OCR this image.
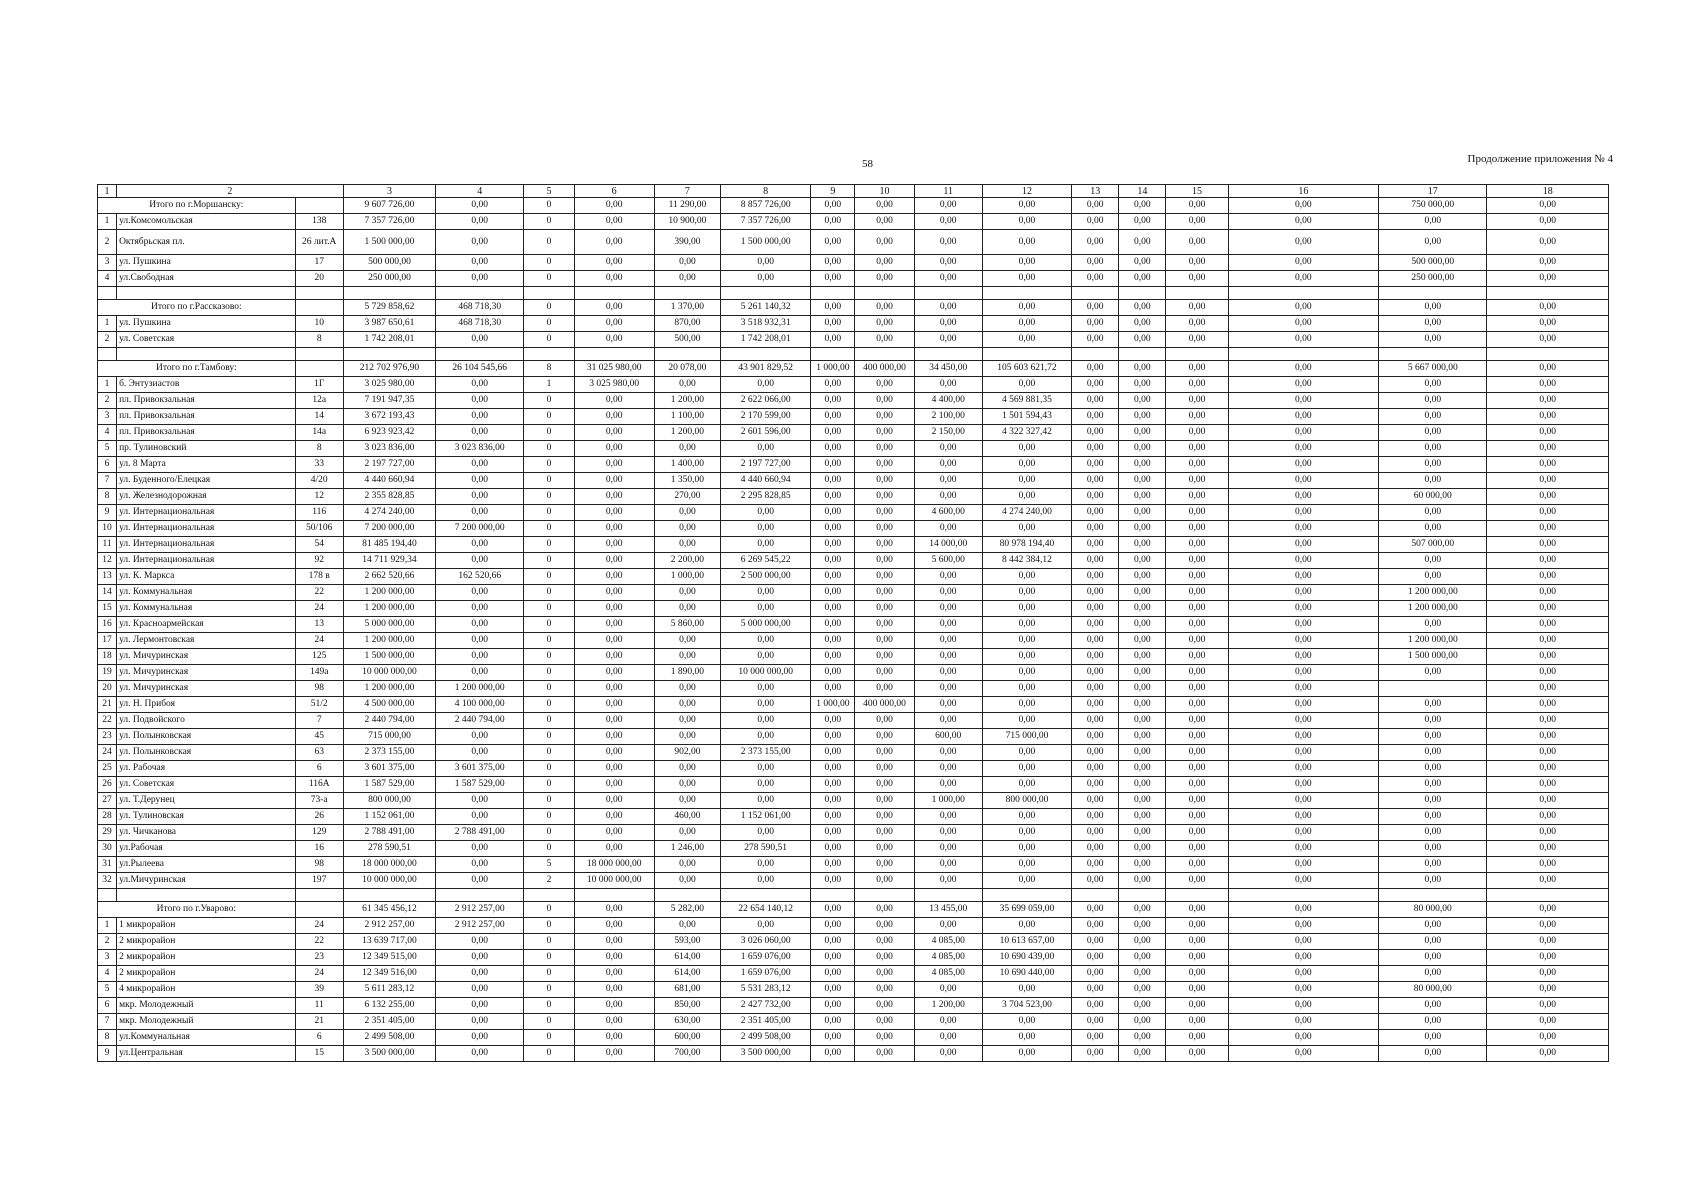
58	Продолжение приложения № 4
1	2		3	4	5	6	7	8	9	10	11	12	13	14	15	16	17	18
Итого по г.Моршанску:			9 607 726,00	0,00	0	0,00	11 290,00	8 857 726,00	0,00	0,00	0,00	0,00	0,00	0,00	0,00	0,00	750 000,00	0,00
1	ул.Комсомольская	138	7 357 726,00	0,00	0	0,00	10 900,00	7 357 726,00	0,00	0,00	0,00	0,00	0,00	0,00	0,00	0,00	0,00	0,00
2	Октябрьская пл.	26 лит.А	1 500 000,00	0,00	0	0,00	390,00	1 500 000,00	0,00	0,00	0,00	0,00	0,00	0,00	0,00	0,00	0,00	0,00
3	ул. Пушкина	17	500 000,00	0,00	0	0,00	0,00	0,00	0,00	0,00	0,00	0,00	0,00	0,00	0,00	0,00	500 000,00	0,00
4	ул.Свободная	20	250 000,00	0,00	0	0,00	0,00	0,00	0,00	0,00	0,00	0,00	0,00	0,00	0,00	0,00	250 000,00	0,00

Итого по г.Рассказово:			5 729 858,62	468 718,30	0	0,00	1 370,00	5 261 140,32	0,00	0,00	0,00	0,00	0,00	0,00	0,00	0,00	0,00	0,00
1	ул. Пушкина	10	3 987 650,61	468 718,30	0	0,00	870,00	3 518 932,31	0,00	0,00	0,00	0,00	0,00	0,00	0,00	0,00	0,00	0,00
2	ул. Советская	8	1 742 208,01	0,00	0	0,00	500,00	1 742 208,01	0,00	0,00	0,00	0,00	0,00	0,00	0,00	0,00	0,00	0,00

Итого по г.Тамбову:			212 702 976,90	26 104 545,66	8	31 025 980,00	20 078,00	43 901 829,52	1 000,00	400 000,00	34 450,00	105 603 621,72	0,00	0,00	0,00	0,00	5 667 000,00	0,00
1	б. Энтузиастов	1Г	3 025 980,00	0,00	1	3 025 980,00	0,00	0,00	0,00	0,00	0,00	0,00	0,00	0,00	0,00	0,00	0,00	0,00
2	пл. Привокзальная	12а	7 191 947,35	0,00	0	0,00	1 200,00	2 622 066,00	0,00	0,00	4 400,00	4 569 881,35	0,00	0,00	0,00	0,00	0,00	0,00
3	пл. Привокзальная	14	3 672 193,43	0,00	0	0,00	1 100,00	2 170 599,00	0,00	0,00	2 100,00	1 501 594,43	0,00	0,00	0,00	0,00	0,00	0,00
4	пл. Привокзальная	14а	6 923 923,42	0,00	0	0,00	1 200,00	2 601 596,00	0,00	0,00	2 150,00	4 322 327,42	0,00	0,00	0,00	0,00	0,00	0,00
5	пр. Тулиновский	8	3 023 836,00	3 023 836,00	0	0,00	0,00	0,00	0,00	0,00	0,00	0,00	0,00	0,00	0,00	0,00	0,00	0,00
6	ул. 8 Марта	33	2 197 727,00	0,00	0	0,00	1 400,00	2 197 727,00	0,00	0,00	0,00	0,00	0,00	0,00	0,00	0,00	0,00	0,00
7	ул. Буденного/Елецкая	4/20	4 440 660,94	0,00	0	0,00	1 350,00	4 440 660,94	0,00	0,00	0,00	0,00	0,00	0,00	0,00	0,00	0,00	0,00
8	ул. Железнодорожная	12	2 355 828,85	0,00	0	0,00	270,00	2 295 828,85	0,00	0,00	0,00	0,00	0,00	0,00	0,00	0,00	60 000,00	0,00
9	ул. Интернациональная	116	4 274 240,00	0,00	0	0,00	0,00	0,00	0,00	0,00	4 600,00	4 274 240,00	0,00	0,00	0,00	0,00	0,00	0,00
10	ул. Интернациональная	50/106	7 200 000,00	7 200 000,00	0	0,00	0,00	0,00	0,00	0,00	0,00	0,00	0,00	0,00	0,00	0,00	0,00	0,00
11	ул. Интернациональная	54	81 485 194,40	0,00	0	0,00	0,00	0,00	0,00	0,00	14 000,00	80 978 194,40	0,00	0,00	0,00	0,00	507 000,00	0,00
12	ул. Интернациональная	92	14 711 929,34	0,00	0	0,00	2 200,00	6 269 545,22	0,00	0,00	5 600,00	8 442 384,12	0,00	0,00	0,00	0,00	0,00	0,00
13	ул. К. Маркса	178 в	2 662 520,66	162 520,66	0	0,00	1 000,00	2 500 000,00	0,00	0,00	0,00	0,00	0,00	0,00	0,00	0,00	0,00	0,00
14	ул. Коммунальная	22	1 200 000,00	0,00	0	0,00	0,00	0,00	0,00	0,00	0,00	0,00	0,00	0,00	0,00	0,00	1 200 000,00	0,00
15	ул. Коммунальная	24	1 200 000,00	0,00	0	0,00	0,00	0,00	0,00	0,00	0,00	0,00	0,00	0,00	0,00	0,00	1 200 000,00	0,00
16	ул. Красноармейская	13	5 000 000,00	0,00	0	0,00	5 860,00	5 000 000,00	0,00	0,00	0,00	0,00	0,00	0,00	0,00	0,00	0,00	0,00
17	ул. Лермонтовская	24	1 200 000,00	0,00	0	0,00	0,00	0,00	0,00	0,00	0,00	0,00	0,00	0,00	0,00	0,00	1 200 000,00	0,00
18	ул. Мичуринская	125	1 500 000,00	0,00	0	0,00	0,00	0,00	0,00	0,00	0,00	0,00	0,00	0,00	0,00	0,00	1 500 000,00	0,00
19	ул. Мичуринская	149а	10 000 000,00	0,00	0	0,00	1 890,00	10 000 000,00	0,00	0,00	0,00	0,00	0,00	0,00	0,00	0,00	0,00	0,00
20	ул. Мичуринская	98	1 200 000,00	1 200 000,00	0	0,00	0,00	0,00	0,00	0,00	0,00	0,00	0,00	0,00	0,00	0,00		0,00
21	ул. Н. Прибоя	51/2	4 500 000,00	4 100 000,00	0	0,00	0,00	0,00	1 000,00	400 000,00	0,00	0,00	0,00	0,00	0,00	0,00	0,00	0,00
22	ул. Подвойского	7	2 440 794,00	2 440 794,00	0	0,00	0,00	0,00	0,00	0,00	0,00	0,00	0,00	0,00	0,00	0,00	0,00	0,00
23	ул. Полынковская	45	715 000,00	0,00	0	0,00	0,00	0,00	0,00	0,00	600,00	715 000,00	0,00	0,00	0,00	0,00	0,00	0,00
24	ул. Полынковская	63	2 373 155,00	0,00	0	0,00	902,00	2 373 155,00	0,00	0,00	0,00	0,00	0,00	0,00	0,00	0,00	0,00	0,00
25	ул. Рабочая	6	3 601 375,00	3 601 375,00	0	0,00	0,00	0,00	0,00	0,00	0,00	0,00	0,00	0,00	0,00	0,00	0,00	0,00
26	ул. Советская	116А	1 587 529,00	1 587 529,00	0	0,00	0,00	0,00	0,00	0,00	0,00	0,00	0,00	0,00	0,00	0,00	0,00	0,00
27	ул. Т.Дерунец	73-а	800 000,00	0,00	0	0,00	0,00	0,00	0,00	0,00	1 000,00	800 000,00	0,00	0,00	0,00	0,00	0,00	0,00
28	ул. Тулиновская	26	1 152 061,00	0,00	0	0,00	460,00	1 152 061,00	0,00	0,00	0,00	0,00	0,00	0,00	0,00	0,00	0,00	0,00
29	ул. Чичканова	129	2 788 491,00	2 788 491,00	0	0,00	0,00	0,00	0,00	0,00	0,00	0,00	0,00	0,00	0,00	0,00	0,00	0,00
30	ул.Рабочая	16	278 590,51	0,00	0	0,00	1 246,00	278 590,51	0,00	0,00	0,00	0,00	0,00	0,00	0,00	0,00	0,00	0,00
31	ул.Рылеева	98	18 000 000,00	0,00	5	18 000 000,00	0,00	0,00	0,00	0,00	0,00	0,00	0,00	0,00	0,00	0,00	0,00	0,00
32	ул.Мичуринская	197	10 000 000,00	0,00	2	10 000 000,00	0,00	0,00	0,00	0,00	0,00	0,00	0,00	0,00	0,00	0,00	0,00	0,00

Итого по г.Уварово:			61 345 456,12	2 912 257,00	0	0,00	5 282,00	22 654 140,12	0,00	0,00	13 455,00	35 699 059,00	0,00	0,00	0,00	0,00	80 000,00	0,00
1	1 микрорайон	24	2 912 257,00	2 912 257,00	0	0,00	0,00	0,00	0,00	0,00	0,00	0,00	0,00	0,00	0,00	0,00	0,00	0,00
2	2 микрорайон	22	13 639 717,00	0,00	0	0,00	593,00	3 026 060,00	0,00	0,00	4 085,00	10 613 657,00	0,00	0,00	0,00	0,00	0,00	0,00
3	2 микрорайон	23	12 349 515,00	0,00	0	0,00	614,00	1 659 076,00	0,00	0,00	4 085,00	10 690 439,00	0,00	0,00	0,00	0,00	0,00	0,00
4	2 микрорайон	24	12 349 516,00	0,00	0	0,00	614,00	1 659 076,00	0,00	0,00	4 085,00	10 690 440,00	0,00	0,00	0,00	0,00	0,00	0,00
5	4 микрорайон	39	5 611 283,12	0,00	0	0,00	681,00	5 531 283,12	0,00	0,00	0,00	0,00	0,00	0,00	0,00	0,00	80 000,00	0,00
6	мкр. Молодежный	11	6 132 255,00	0,00	0	0,00	850,00	2 427 732,00	0,00	0,00	1 200,00	3 704 523,00	0,00	0,00	0,00	0,00	0,00	0,00
7	мкр. Молодежный	21	2 351 405,00	0,00	0	0,00	630,00	2 351 405,00	0,00	0,00	0,00	0,00	0,00	0,00	0,00	0,00	0,00	0,00
8	ул.Коммунальная	6	2 499 508,00	0,00	0	0,00	600,00	2 499 508,00	0,00	0,00	0,00	0,00	0,00	0,00	0,00	0,00	0,00	0,00
9	ул.Центральная	15	3 500 000,00	0,00	0	0,00	700,00	3 500 000,00	0,00	0,00	0,00	0,00	0,00	0,00	0,00	0,00	0,00	0,00
